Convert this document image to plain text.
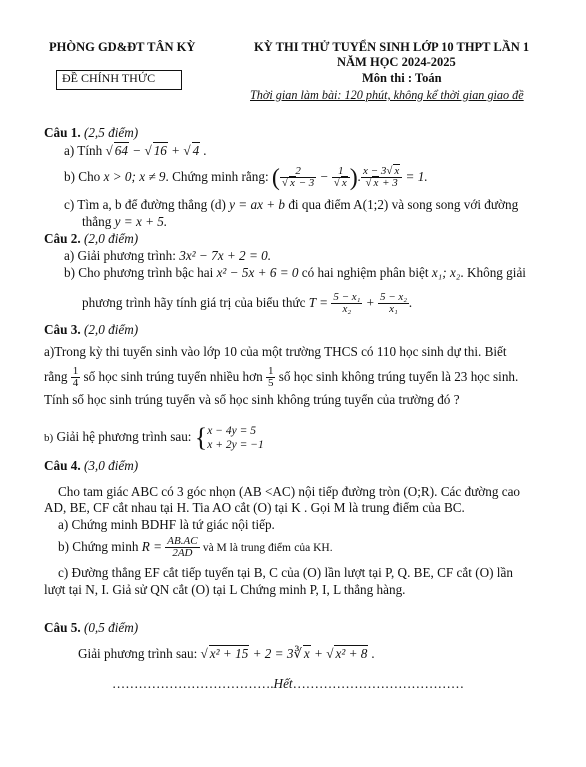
PHÒNG GD&ĐT TÂN KỲ
ĐỀ CHÍNH THỨC
KỲ THI THỬ TUYỂN SINH LỚP 10 THPT LẦN 1
NĂM HỌC 2024-2025
Môn thi : Toán
Thời gian làm bài: 120 phút, không kể thời gian giao đề
Câu 1. (2,5 điểm)
a) Tính √ 64 − √ 16 + √ 4 .
b) Cho x > 0; x ≠ 9. Chứng minh rằng: ( $\frac{2}{√ x - 3} - \frac{1}{√ x}$ ). $\frac{x - 3√ x}{√ x + 3} = 1$.
c) Tìm a, b để đường thẳng (d) y = ax + b đi qua điểm A(1;2) và song song với đường
thẳng y = x + 5.
Câu 2. (2,0 điểm)
a) Giải phương trình: 3x² − 7x + 2 = 0.
b) Cho phương trình bậc hai x² − 5x + 6 = 0 có hai nghiệm phân biệt x₁; x₂. Không giải
phương trình hãy tính giá trị của biểu thức $T = \frac{\text{5 − x₁}}{\text{x₂}} + \frac{\text{5 − x₂}}{\text{x₁}}$ .
Câu 3. (2,0 điểm)
a)Trong kỳ thi tuyển sinh vào lớp 10 của một trường THCS có 110 học sinh dự thi. Biết
rằng $\frac{1}{4}$ số học sinh trúng tuyển nhiều hơn $\frac{1}{5}$ số học sinh không trúng tuyển là 23 học sinh.
Tính số học sinh trúng tuyển và số học sinh không trúng tuyển của trường đó ?
b) Giải hệ phương trình sau: { x − 4y = 5
x + 2y = −1
Câu 4. (3,0 điểm)
Cho tam giác ABC có 3 góc nhọn (AB <AC) nội tiếp đường tròn (O;R). Các đường cao
AD, BE, CF cắt nhau tại H. Tia AO cắt (O) tại K . Gọi M là trung điểm của BC.
a) Chứng minh BDHF là tứ giác nội tiếp.
b) Chứng minh $R = \frac{AB.AC}{2AD}$ và M là trung điểm của KH.
c) Đường thẳng EF cắt tiếp tuyến tại B, C của (O) lần lượt tại P, Q. BE, CF cắt (O) lần
lượt tại N, I. Giả sử QN cắt (O) tại L Chứng minh P, I, L thẳng hàng.
Câu 5. (0,5 điểm)
Giải phương trình sau: √ x² + 15 + 2 = 3∛ x + √ x² + 8 .
……………………………….Hết…………………………………
